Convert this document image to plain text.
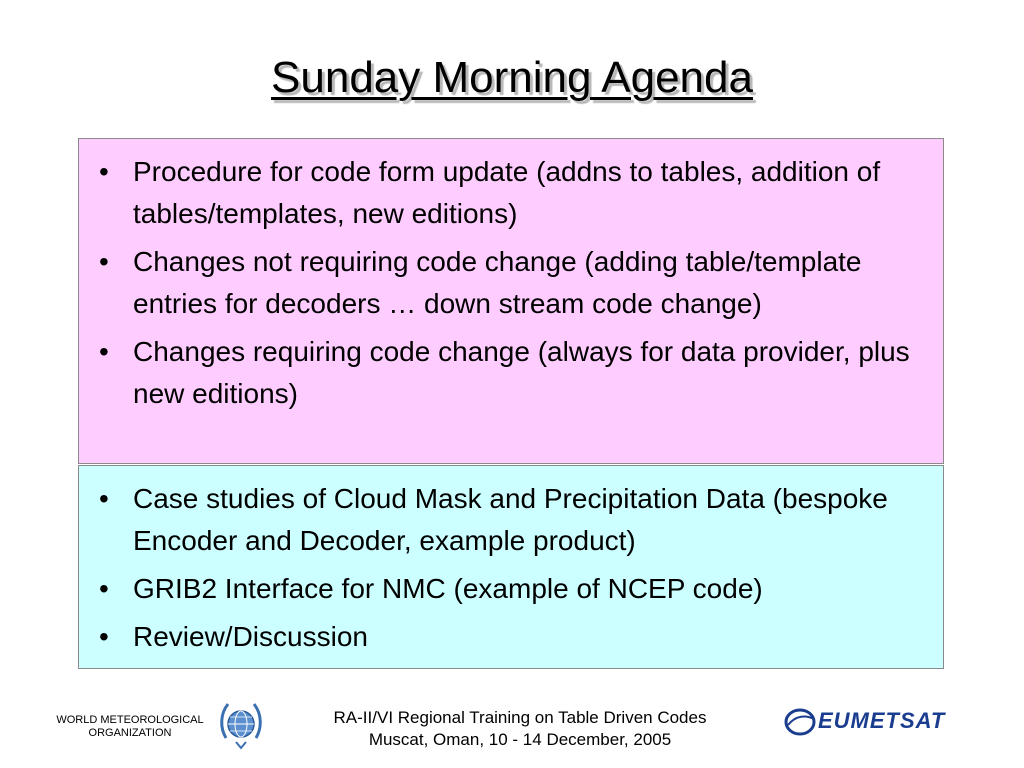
Sunday Morning Agenda
• Procedure for code form update (addns to tables, addition of tables/templates, new editions)
• Changes not requiring code change (adding table/template entries for decoders … down stream code change)
• Changes requiring code change (always for data provider, plus new editions)
• Case studies of Cloud Mask and Precipitation Data (bespoke Encoder and Decoder, example product)
• GRIB2 Interface for NMC (example of NCEP code)
• Review/Discussion
WORLD METEOROLOGICAL
ORGANIZATION
RA-II/VI Regional Training on Table Driven Codes
Muscat, Oman, 10 - 14 December, 2005
EUMETSAT
